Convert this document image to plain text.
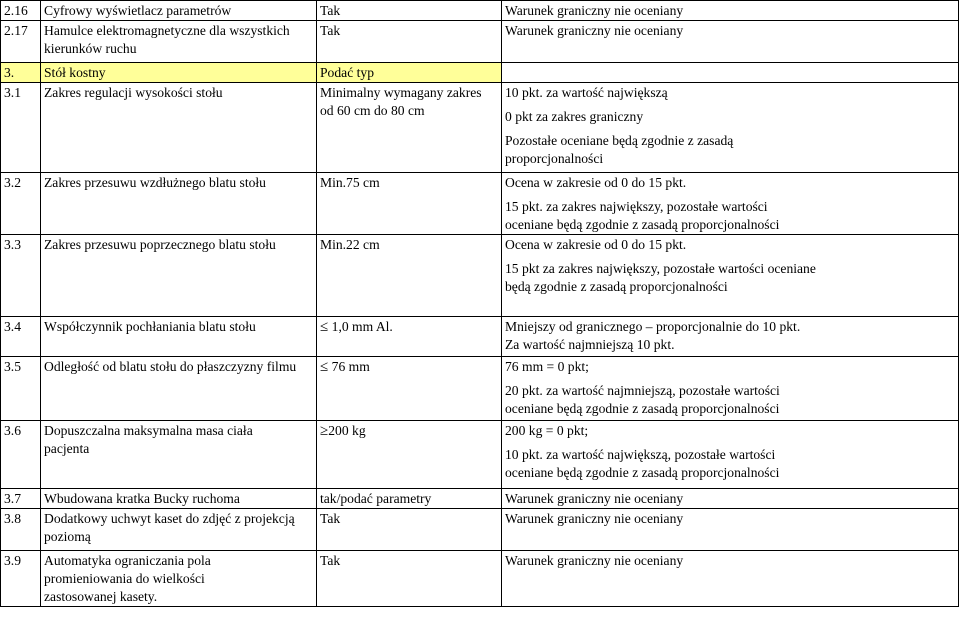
2.16	Cyfrowy wyświetlacz parametrów	Tak	Warunek graniczny nie oceniany

2.17	Hamulce elektromagnetyczne dla wszystkich kierunków ruchu	Tak	Warunek graniczny nie oceniany

3.	Stół kostny	Podać typ	
3.1	Zakres regulacji wysokości stołu	Minimalny wymagany zakres od 60 cm do 80 cm	10 pkt. za wartość największą
0 pkt za zakres graniczny
Pozostałe oceniane będą zgodnie z zasadą proporcjonalności

3.2	Zakres przesuwu wzdłużnego blatu stołu	Min.75 cm	Ocena w zakresie od 0 do 15 pkt.
15 pkt. za zakres największy, pozostałe wartości oceniane będą zgodnie z zasadą proporcjonalności

3.3	Zakres przesuwu poprzecznego blatu stołu	Min.22 cm	Ocena w zakresie od 0 do 15 pkt.
15 pkt za zakres największy, pozostałe wartości oceniane będą zgodnie z zasadą proporcjonalności

3.4	Współczynnik pochłaniania blatu stołu	≤ 1,0 mm Al.	Mniejszy od granicznego – proporcjonalnie do 10 pkt. Za wartość najmniejszą 10 pkt.

3.5	Odległość od blatu stołu do płaszczyzny filmu	≤ 76 mm	76 mm = 0 pkt;
20 pkt. za wartość najmniejszą, pozostałe wartości oceniane będą zgodnie z zasadą proporcjonalności

3.6	Dopuszczalna maksymalna masa ciała pacjenta	≥200 kg	200 kg = 0 pkt;
10 pkt. za wartość największą, pozostałe wartości oceniane będą zgodnie z zasadą proporcjonalności

3.7	Wbudowana kratka Bucky ruchoma	tak/podać parametry	Warunek graniczny nie oceniany

3.8	Dodatkowy uchwyt kaset do zdjęć z projekcją poziomą	Tak	Warunek graniczny nie oceniany

3.9	Automatyka ograniczania pola promieniowania do wielkości zastosowanej kasety.	Tak	Warunek graniczny nie oceniany
